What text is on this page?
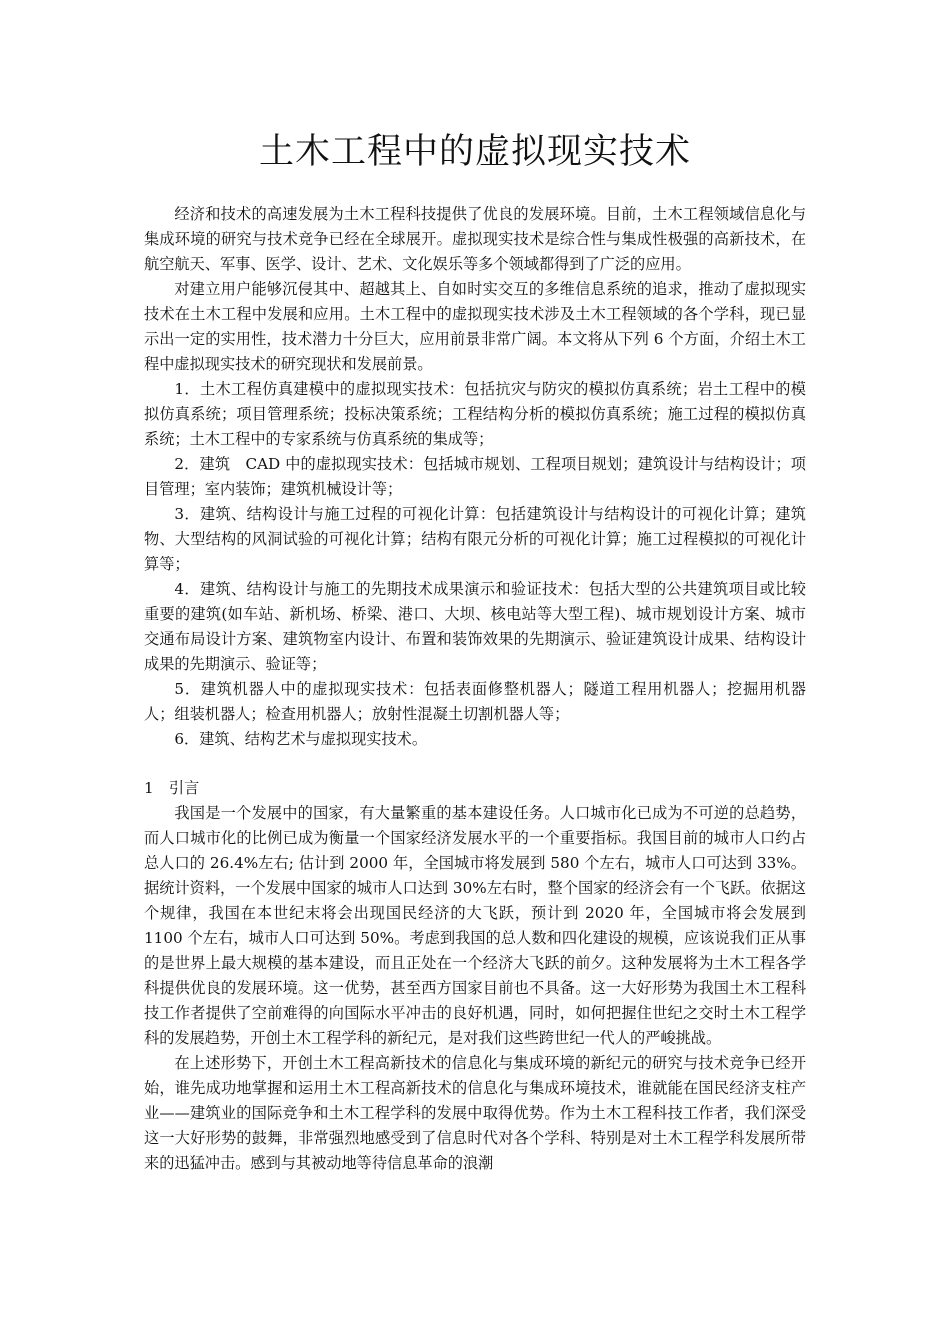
土木工程中的虚拟现实技术

经济和技术的高速发展为土木工程科技提供了优良的发展环境。目前，土木工程领域信息化与集成环境的研究与技术竞争已经在全球展开。虚拟现实技术是综合性与集成性极强的高新技术，在航空航天、军事、医学、设计、艺术、文化娱乐等多个领域都得到了广泛的应用。

对建立用户能够沉侵其中、超越其上、自如时实交互的多维信息系统的追求，推动了虚拟现实技术在土木工程中发展和应用。土木工程中的虚拟现实技术涉及土木工程领域的各个学科，现已显示出一定的实用性，技术潜力十分巨大，应用前景非常广阔。本文将从下列 6 个方面，介绍土木工程中虚拟现实技术的研究现状和发展前景。

1．土木工程仿真建模中的虚拟现实技术：包括抗灾与防灾的模拟仿真系统；岩土工程中的模拟仿真系统；项目管理系统；投标决策系统；工程结构分析的模拟仿真系统；施工过程的模拟仿真系统；土木工程中的专家系统与仿真系统的集成等；

2．建筑　CAD 中的虚拟现实技术：包括城市规划、工程项目规划；建筑设计与结构设计；项目管理；室内装饰；建筑机械设计等；

3．建筑、结构设计与施工过程的可视化计算：包括建筑设计与结构设计的可视化计算；建筑物、大型结构的风洞试验的可视化计算；结构有限元分析的可视化计算；施工过程模拟的可视化计算等；

4．建筑、结构设计与施工的先期技术成果演示和验证技术：包括大型的公共建筑项目或比较重要的建筑(如车站、新机场、桥梁、港口、大坝、核电站等大型工程)、城市规划设计方案、城市交通布局设计方案、建筑物室内设计、布置和装饰效果的先期演示、验证建筑设计成果、结构设计成果的先期演示、验证等；

5．建筑机器人中的虚拟现实技术：包括表面修整机器人；隧道工程用机器人；挖掘用机器人；组装机器人；检查用机器人；放射性混凝土切割机器人等；

6．建筑、结构艺术与虚拟现实技术。

1　引言

我国是一个发展中的国家，有大量繁重的基本建设任务。人口城市化已成为不可逆的总趋势，而人口城市化的比例已成为衡量一个国家经济发展水平的一个重要指标。我国目前的城市人口约占总人口的 26.4%左右; 估计到 2000 年，全国城市将发展到 580 个左右，城市人口可达到 33%。据统计资料，一个发展中国家的城市人口达到 30%左右时，整个国家的经济会有一个飞跃。依据这个规律，我国在本世纪末将会出现国民经济的大飞跃，预计到 2020 年，全国城市将会发展到 1100 个左右，城市人口可达到 50%。考虑到我国的总人数和四化建设的规模，应该说我们正从事的是世界上最大规模的基本建设，而且正处在一个经济大飞跃的前夕。这种发展将为土木工程各学科提供优良的发展环境。这一优势，甚至西方国家目前也不具备。这一大好形势为我国土木工程科技工作者提供了空前难得的向国际水平冲击的良好机遇，同时，如何把握住世纪之交时土木工程学科的发展趋势，开创土木工程学科的新纪元，是对我们这些跨世纪一代人的严峻挑战。

在上述形势下，开创土木工程高新技术的信息化与集成环境的新纪元的研究与技术竞争已经开始，谁先成功地掌握和运用土木工程高新技术的信息化与集成环境技术，谁就能在国民经济支柱产业——建筑业的国际竞争和土木工程学科的发展中取得优势。作为土木工程科技工作者，我们深受这一大好形势的鼓舞，非常强烈地感受到了信息时代对各个学科、特别是对土木工程学科发展所带来的迅猛冲击。感到与其被动地等待信息革命的浪潮
